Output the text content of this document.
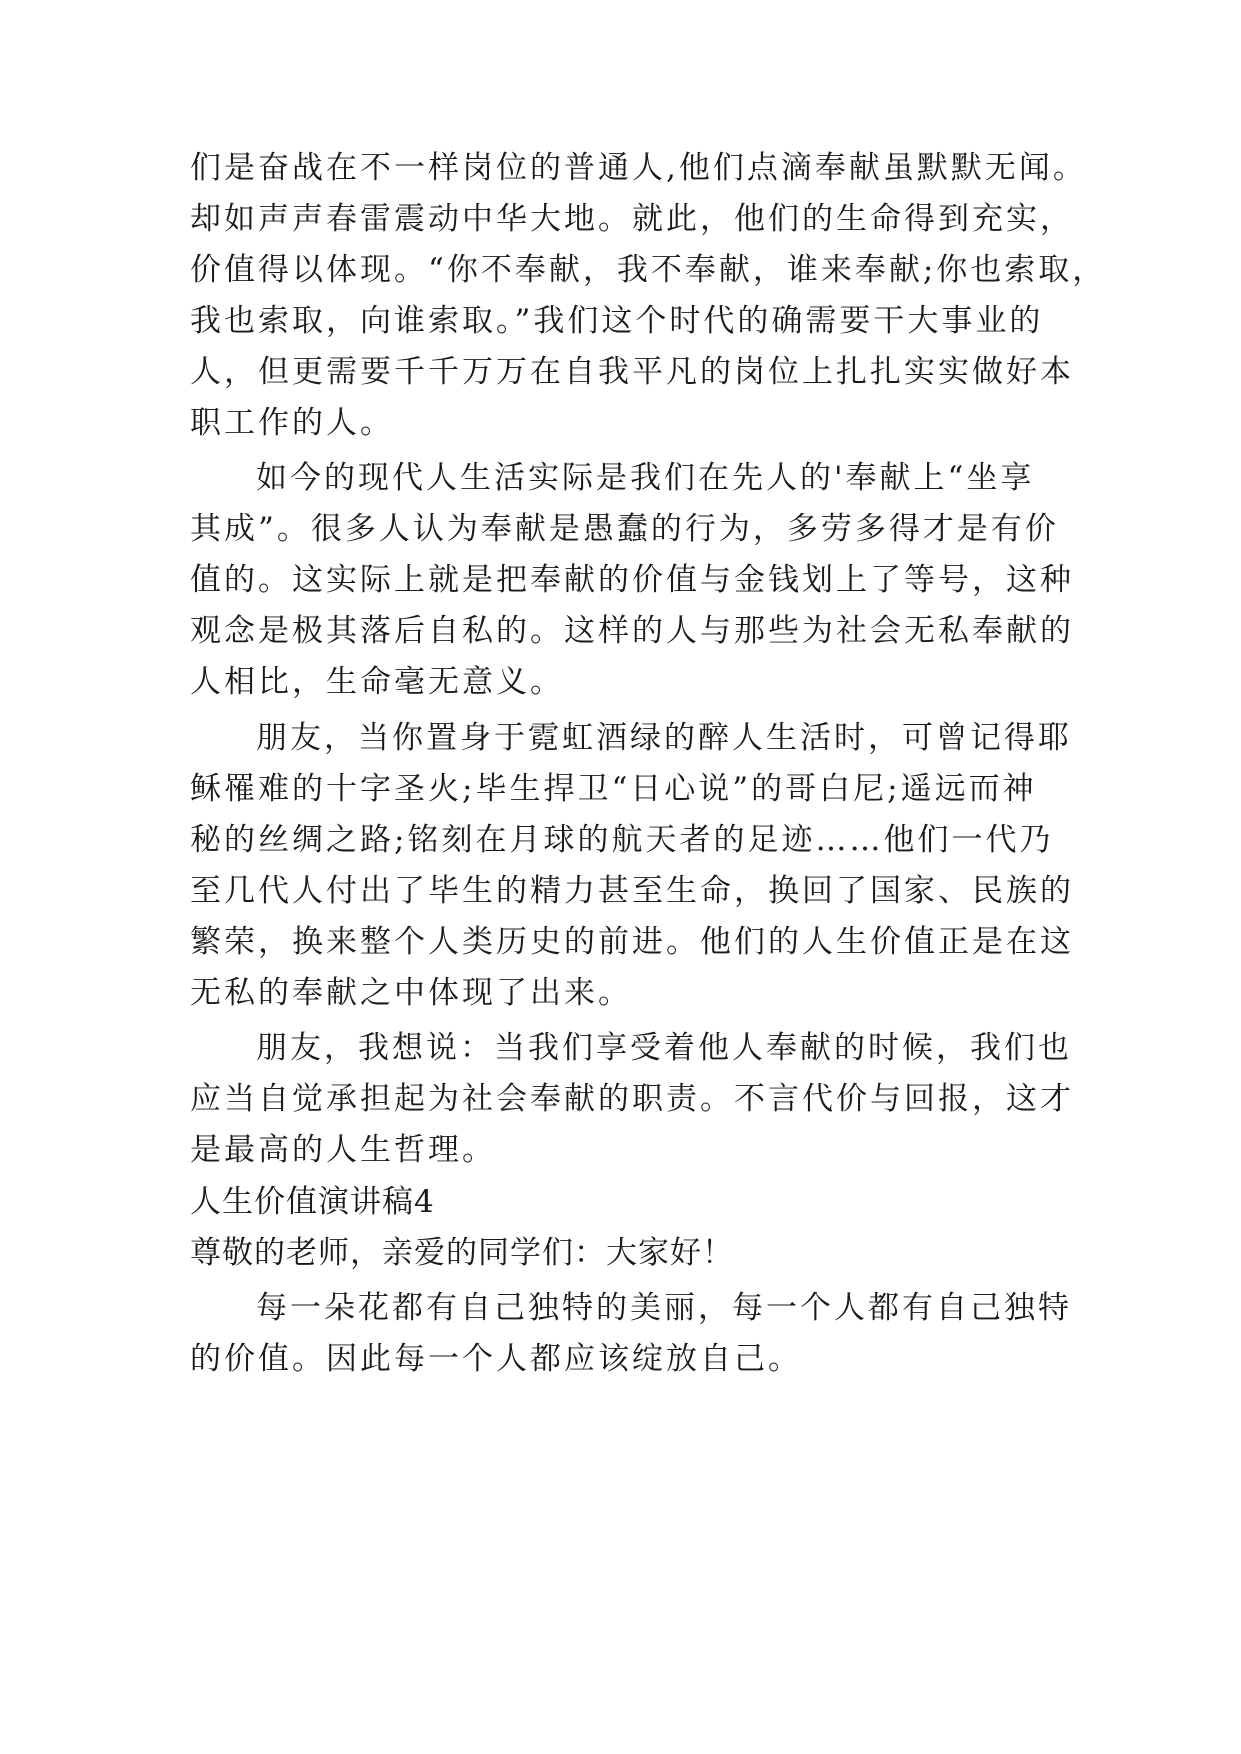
们是奋战在不一样岗位的普通人,他们点滴奉献虽默默无闻。
却如声声春雷震动中华大地。就此，他们的生命得到充实，
价值得以体现。“你不奉献，我不奉献，谁来奉献;你也索取，
我也索取，向谁索取。”我们这个时代的确需要干大事业的
人，但更需要千千万万在自我平凡的岗位上扎扎实实做好本
职工作的人。
如今的现代人生活实际是我们在先人的'奉献上“坐享
其成”。很多人认为奉献是愚蠢的行为，多劳多得才是有价
值的。这实际上就是把奉献的价值与金钱划上了等号，这种
观念是极其落后自私的。这样的人与那些为社会无私奉献的
人相比，生命毫无意义。
朋友，当你置身于霓虹酒绿的醉人生活时，可曾记得耶
稣罹难的十字圣火;毕生捍卫“日心说”的哥白尼;遥远而神
秘的丝绸之路;铭刻在月球的航天者的足迹……他们一代乃
至几代人付出了毕生的精力甚至生命，换回了国家、民族的
繁荣，换来整个人类历史的前进。他们的人生价值正是在这
无私的奉献之中体现了出来。
朋友，我想说：当我们享受着他人奉献的时候，我们也
应当自觉承担起为社会奉献的职责。不言代价与回报，这才
是最高的人生哲理。
人生价值演讲稿4
尊敬的老师，亲爱的同学们：大家好！
每一朵花都有自己独特的美丽，每一个人都有自己独特
的价值。因此每一个人都应该绽放自己。
